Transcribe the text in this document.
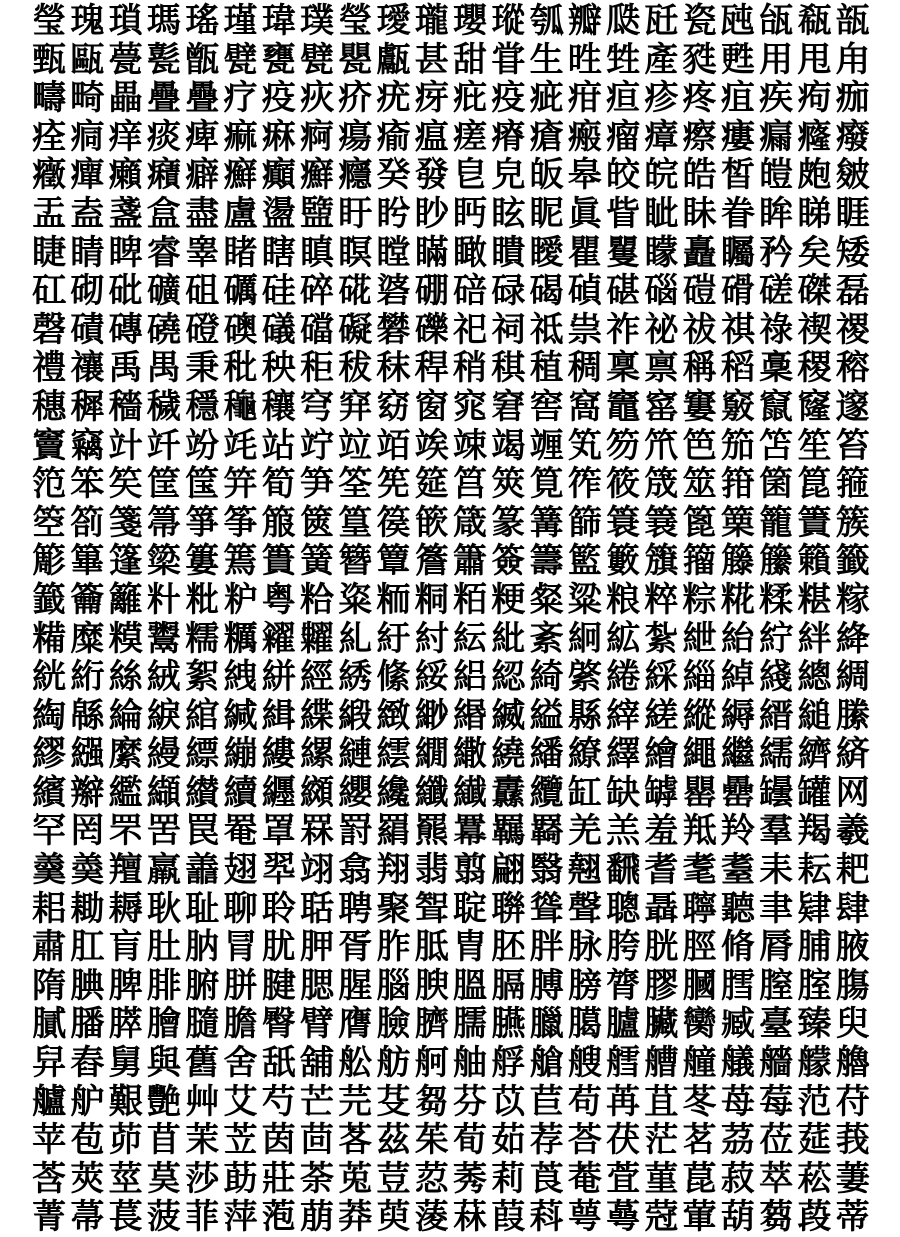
瑩 瑰 瑣 瑪 瑤 瑾 瑋 璞 瑩 璦 瓏 瓔 瑽 瓠 瓣 瓞 瓩 瓷 瓲 瓵 瓻 瓿
甄 甌 甍 甏 甑 甓 甕 甓 甖 甗 甚 甜 甞 生 甠 甡 產 甤 甦 用 甩 甪
疇 畸 畾 疊 疊 疗 疫 疢 疥 疣 疨 疪 疫 疵 疳 疸 疹 疼 疽 疾 痀 痂
痊 痌 痒 痰 痺 痲 痳 痾 瘍 瘉 瘟 瘥 瘠 瘡 瘢 瘤 瘴 瘵 瘻 瘺 癃 癈
癥 癉 癩 癪 癖 癬 癲 癬 癮 癸 發 皀 皃 皈 皋 皎 皖 皓 皙 皚 皰 皴
盂 盍 盞 盒 盡 盧 盪 盬 盱 盻 眇 眄 眩 眤 眞 眥 眦 眛 眷 眸 睇 睚
睫 睛 睥 睿 睾 睹 瞎 瞋 瞑 瞠 瞞 瞰 瞶 瞹 瞿 矍 矇 矗 矚 矜 矣 矮
矼 砌 砒 礦 砠 礪 硅 碎 硴 碆 硼 碚 碌 碣 碵 碪 碯 磑 磆 磋 磔 磊
磬 磧 磚 磽 磴 礇 礒 礑 礙 礬 礫 祀 祠 祗 祟 祚 祕 祓 祺 祿 禊 禝
禮 禳 禹 禺 秉 秕 秧 秬 秡 秣 稈 稍 稘 稙 稠 稟 禀 稱 稻 稾 稷 穃
穗 穉 穡 穢 穩 龝 穰 穹 穽 窈 窗 窕 窘 窖 窩 竈 窰 窶 竅 竄 窿 邃
竇 竊 竍 竏 竕 竓 站 竚 竝 竡 竢 竦 竭 竰 笂 笏 笊 笆 笳 笘 笙 笞
笵 笨 笶 筐 筺 笄 筍 笋 筌 筅 筵 筥 筴 筧 筰 筱 筬 筮 箝 箘 箟 箍
箜 箚 箋 箒 箏 筝 箙 篋 篁 篌 篏 箴 篆 篝 篩 簑 簔 篦 篥 籠 簀 簇
簓 篳 篷 簗 簍 篶 簣 簧 簪 簟 簷 簫 簽 籌 籃 籔 籏 籀 籐 籘 籟 籤
籖 籥 籬 籵 粃 粐 粤 粭 粢 粫 粡 粨 粳 粲 粱 粮 粹 粽 糀 糅 糂 糘
糒 糜 糢 鬻 糯 糲 糴 糶 糺 紆 紂 紜 紕 紊 絅 絋 紮 紲 紿 紵 絆 絳
絖 絎 絲 絨 絮 絏 絣 經 綉 絛 綏 絽 綛 綺 綮 綣 綵 緇 綽 綫 總 綢
綯 緜 綸 綟 綰 緘 緝 緤 緞 緻 緲 緡 縅 縊 縣 縡 縒 縱 縟 縉 縋 縢
繆 繦 縻 縵 縹 繃 縷 縲 縺 繧 繝 繖 繞 繙 繚 繹 繪 繩 繼 繻 纃 緕
繽 辮 繿 纈 纉 續 纒 纐 纓 纔 纖 纎 纛 纜 缸 缺 罅 罌 罍 罎 罐 网
罕 罔 罘 罟 罠 罨 罩 罧 罸 羂 羆 羃 羈 羇 羌 羔 羞 羝 羚 羣 羯 羲
羹 羮 羶 羸 譱 翅 翆 翊 翕 翔 翡 翦 翩 翳 翹 飜 耆 耄 耋 耒 耘 耙
耜 耡 耨 耿 耻 聊 聆 聒 聘 聚 聟 聢 聨 聳 聲 聰 聶 聹 聽 聿 肄 肆
肅 肛 肓 肚 肭 冐 肬 胛 胥 胙 胝 胄 胚 胖 脉 胯 胱 脛 脩 脣 脯 腋
隋 腆 脾 腓 腑 胼 腱 腮 腥 腦 腴 膃 膈 膊 膀 膂 膠 膕 膤 膣 腟 膓
膩 膰 膵 膾 膸 膽 臀 臂 膺 臉 臍 臑 臙 臘 臈 臚 臟 臠 臧 臺 臻 臾
舁 舂 舅 與 舊 舍 舐 舖 舩 舫 舸 舳 艀 艙 艘 艝 艚 艟 艤 艢 艨 艪
艫 舮 艱 艷 艸 艾 芍 芒 芫 芟 芻 芬 苡 苣 苟 苒 苴 苳 苺 莓 范 苻
苹 苞 茆 苜 茉 苙 茵 茴 茖 茲 茱 荀 茹 荐 荅 茯 茫 茗 茘 莅 莚 莪
莟 莢 莖 茣 莎 莇 莊 荼 莵 荳 荵 莠 莉 莨 菴 萓 菫 菎 菽 萃 菘 萋
菁 菷 萇 菠 菲 萍 萢 萠 莽 萸 蔆 菻 葭 萪 萼 蕚 蒄 葷 葫 蒭 葮 蒂
